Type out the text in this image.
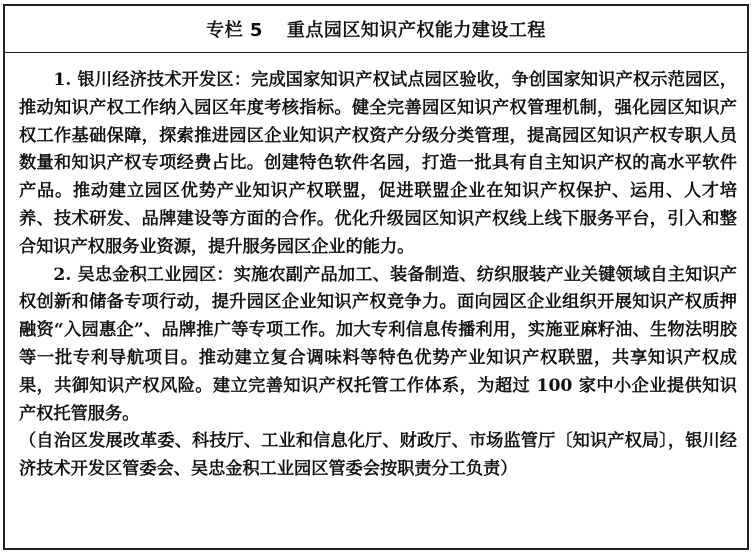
专栏 5 重点园区知识产权能力建设工程

1. 银川经济技术开发区：完成国家知识产权试点园区验收，争创国家知识产权示范园区，推动知识产权工作纳入园区年度考核指标。健全完善园区知识产权管理机制，强化园区知识产权工作基础保障，探索推进园区企业知识产权资产分级分类管理，提高园区知识产权专职人员数量和知识产权专项经费占比。创建特色软件名园，打造一批具有自主知识产权的高水平软件产品。推动建立园区优势产业知识产权联盟，促进联盟企业在知识产权保护、运用、人才培养、技术研发、品牌建设等方面的合作。优化升级园区知识产权线上线下服务平台，引入和整合知识产权服务业资源，提升服务园区企业的能力。

2. 吴忠金积工业园区：实施农副产品加工、装备制造、纺织服装产业关键领域自主知识产权创新和储备专项行动，提升园区企业知识产权竞争力。面向园区企业组织开展知识产权质押融资“入园惠企”、品牌推广等专项工作。加大专利信息传播利用，实施亚麻籽油、生物法明胶等一批专利导航项目。推动建立复合调味料等特色优势产业知识产权联盟，共享知识产权成果，共御知识产权风险。建立完善知识产权托管工作体系，为超过 100 家中小企业提供知识产权托管服务。

（自治区发展改革委、科技厅、工业和信息化厅、财政厅、市场监管厅〔知识产权局〕，银川经济技术开发区管委会、吴忠金积工业园区管委会按职责分工负责）
